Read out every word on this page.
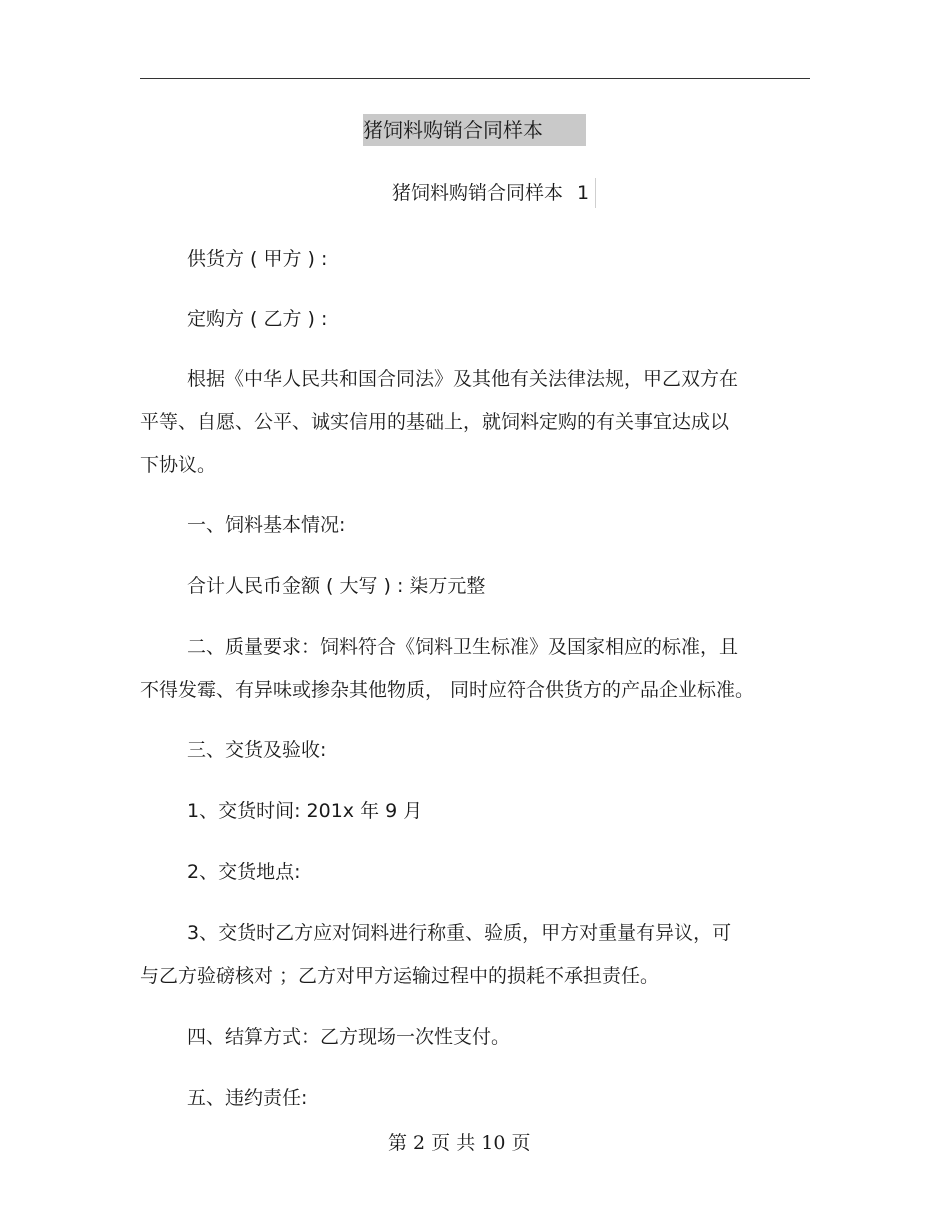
猪饲料购销合同样本
猪饲料购销合同样本 1
供货方 ( 甲方 ) :
定购方 ( 乙方 ) :
根据《中华人民共和国合同法》及其他有关法律法规，甲乙双方在
平等、自愿、公平、诚实信用的基础上，就饲料定购的有关事宜达成以
下协议。
一、饲料基本情况:
合计人民币金额 ( 大写 ) : 柒万元整
二、质量要求：饲料符合《饲料卫生标准》及国家相应的标准，且
不得发霉、有异味或掺杂其他物质， 同时应符合供货方的产品企业标准。
三、交货及验收:
1、交货时间: 201x 年 9 月
2、交货地点:
3、交货时乙方应对饲料进行称重、验质，甲方对重量有异议，可
与乙方验磅核对 ；乙方对甲方运输过程中的损耗不承担责任。
四、结算方式：乙方现场一次性支付。
五、违约责任:
第 2 页 共 10 页
